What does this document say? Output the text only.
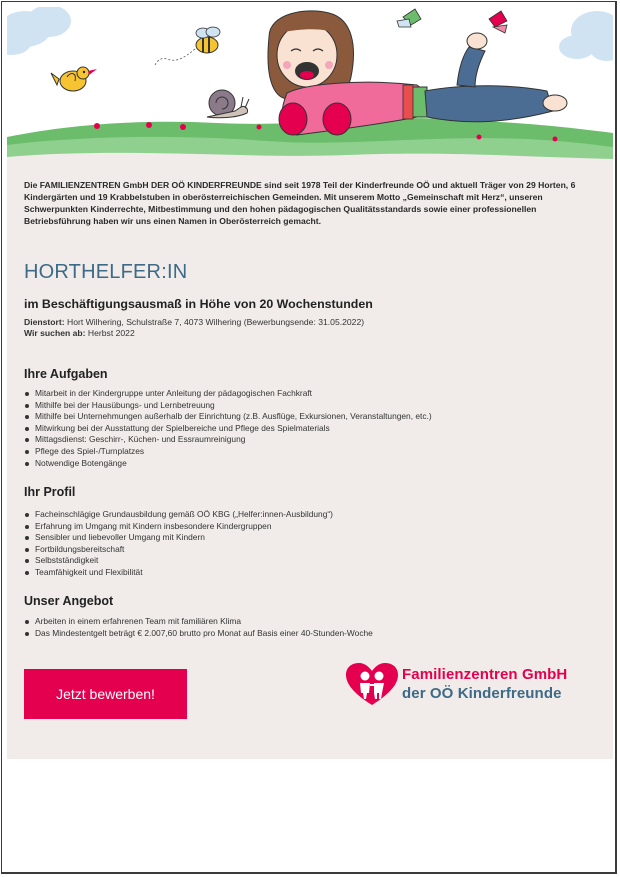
Die FAMILIENZENTREN GmbH DER OÖ KINDERFREUNDE sind seit 1978 Teil der Kinderfreunde OÖ und aktuell Träger von 29 Horten, 6 Kindergärten und 19 Krabbelstuben in oberösterreichischen Gemeinden. Mit unserem Motto „Gemeinschaft mit Herz“, unseren Schwerpunkten Kinderrechte, Mitbestimmung und den hohen pädagogischen Qualitätsstandards sowie einer professionellen Betriebsführung haben wir uns einen Namen in Oberösterreich gemacht.

HORTHELFER:IN
im Beschäftigungsausmaß in Höhe von 20 Wochenstunden
Dienstort: Hort Wilhering, Schulstraße 7, 4073 Wilhering (Bewerbungsende: 31.05.2022)
Wir suchen ab: Herbst 2022
Ihre Aufgaben
Mitarbeit in der Kindergruppe unter Anleitung der pädagogischen Fachkraft
Mithilfe bei der Hausübungs- und Lernbetreuung
Mithilfe bei Unternehmungen außerhalb der Einrichtung (z.B. Ausflüge, Exkursionen, Veranstaltungen, etc.)
Mitwirkung bei der Ausstattung der Spielbereiche und Pflege des Spielmaterials
Mittagsdienst: Geschirr-, Küchen- und Essraumreinigung
Pflege des Spiel-/Turnplatzes
Notwendige Botengänge
Ihr Profil
Facheinschlägige Grundausbildung gemäß OÖ KBG („Helfer:innen-Ausbildung“)
Erfahrung im Umgang mit Kindern insbesondere Kindergruppen
Sensibler und liebevoller Umgang mit Kindern
Fortbildungsbereitschaft
Selbstständigkeit
Teamfähigkeit und Flexibilität
Unser Angebot
Arbeiten in einem erfahrenen Team mit familiären Klima
Das Mindestentgelt beträgt € 2.007,60 brutto pro Monat auf Basis einer 40-Stunden-Woche
Jetzt bewerben!
Familienzentren GmbH
der OÖ Kinderfreunde
